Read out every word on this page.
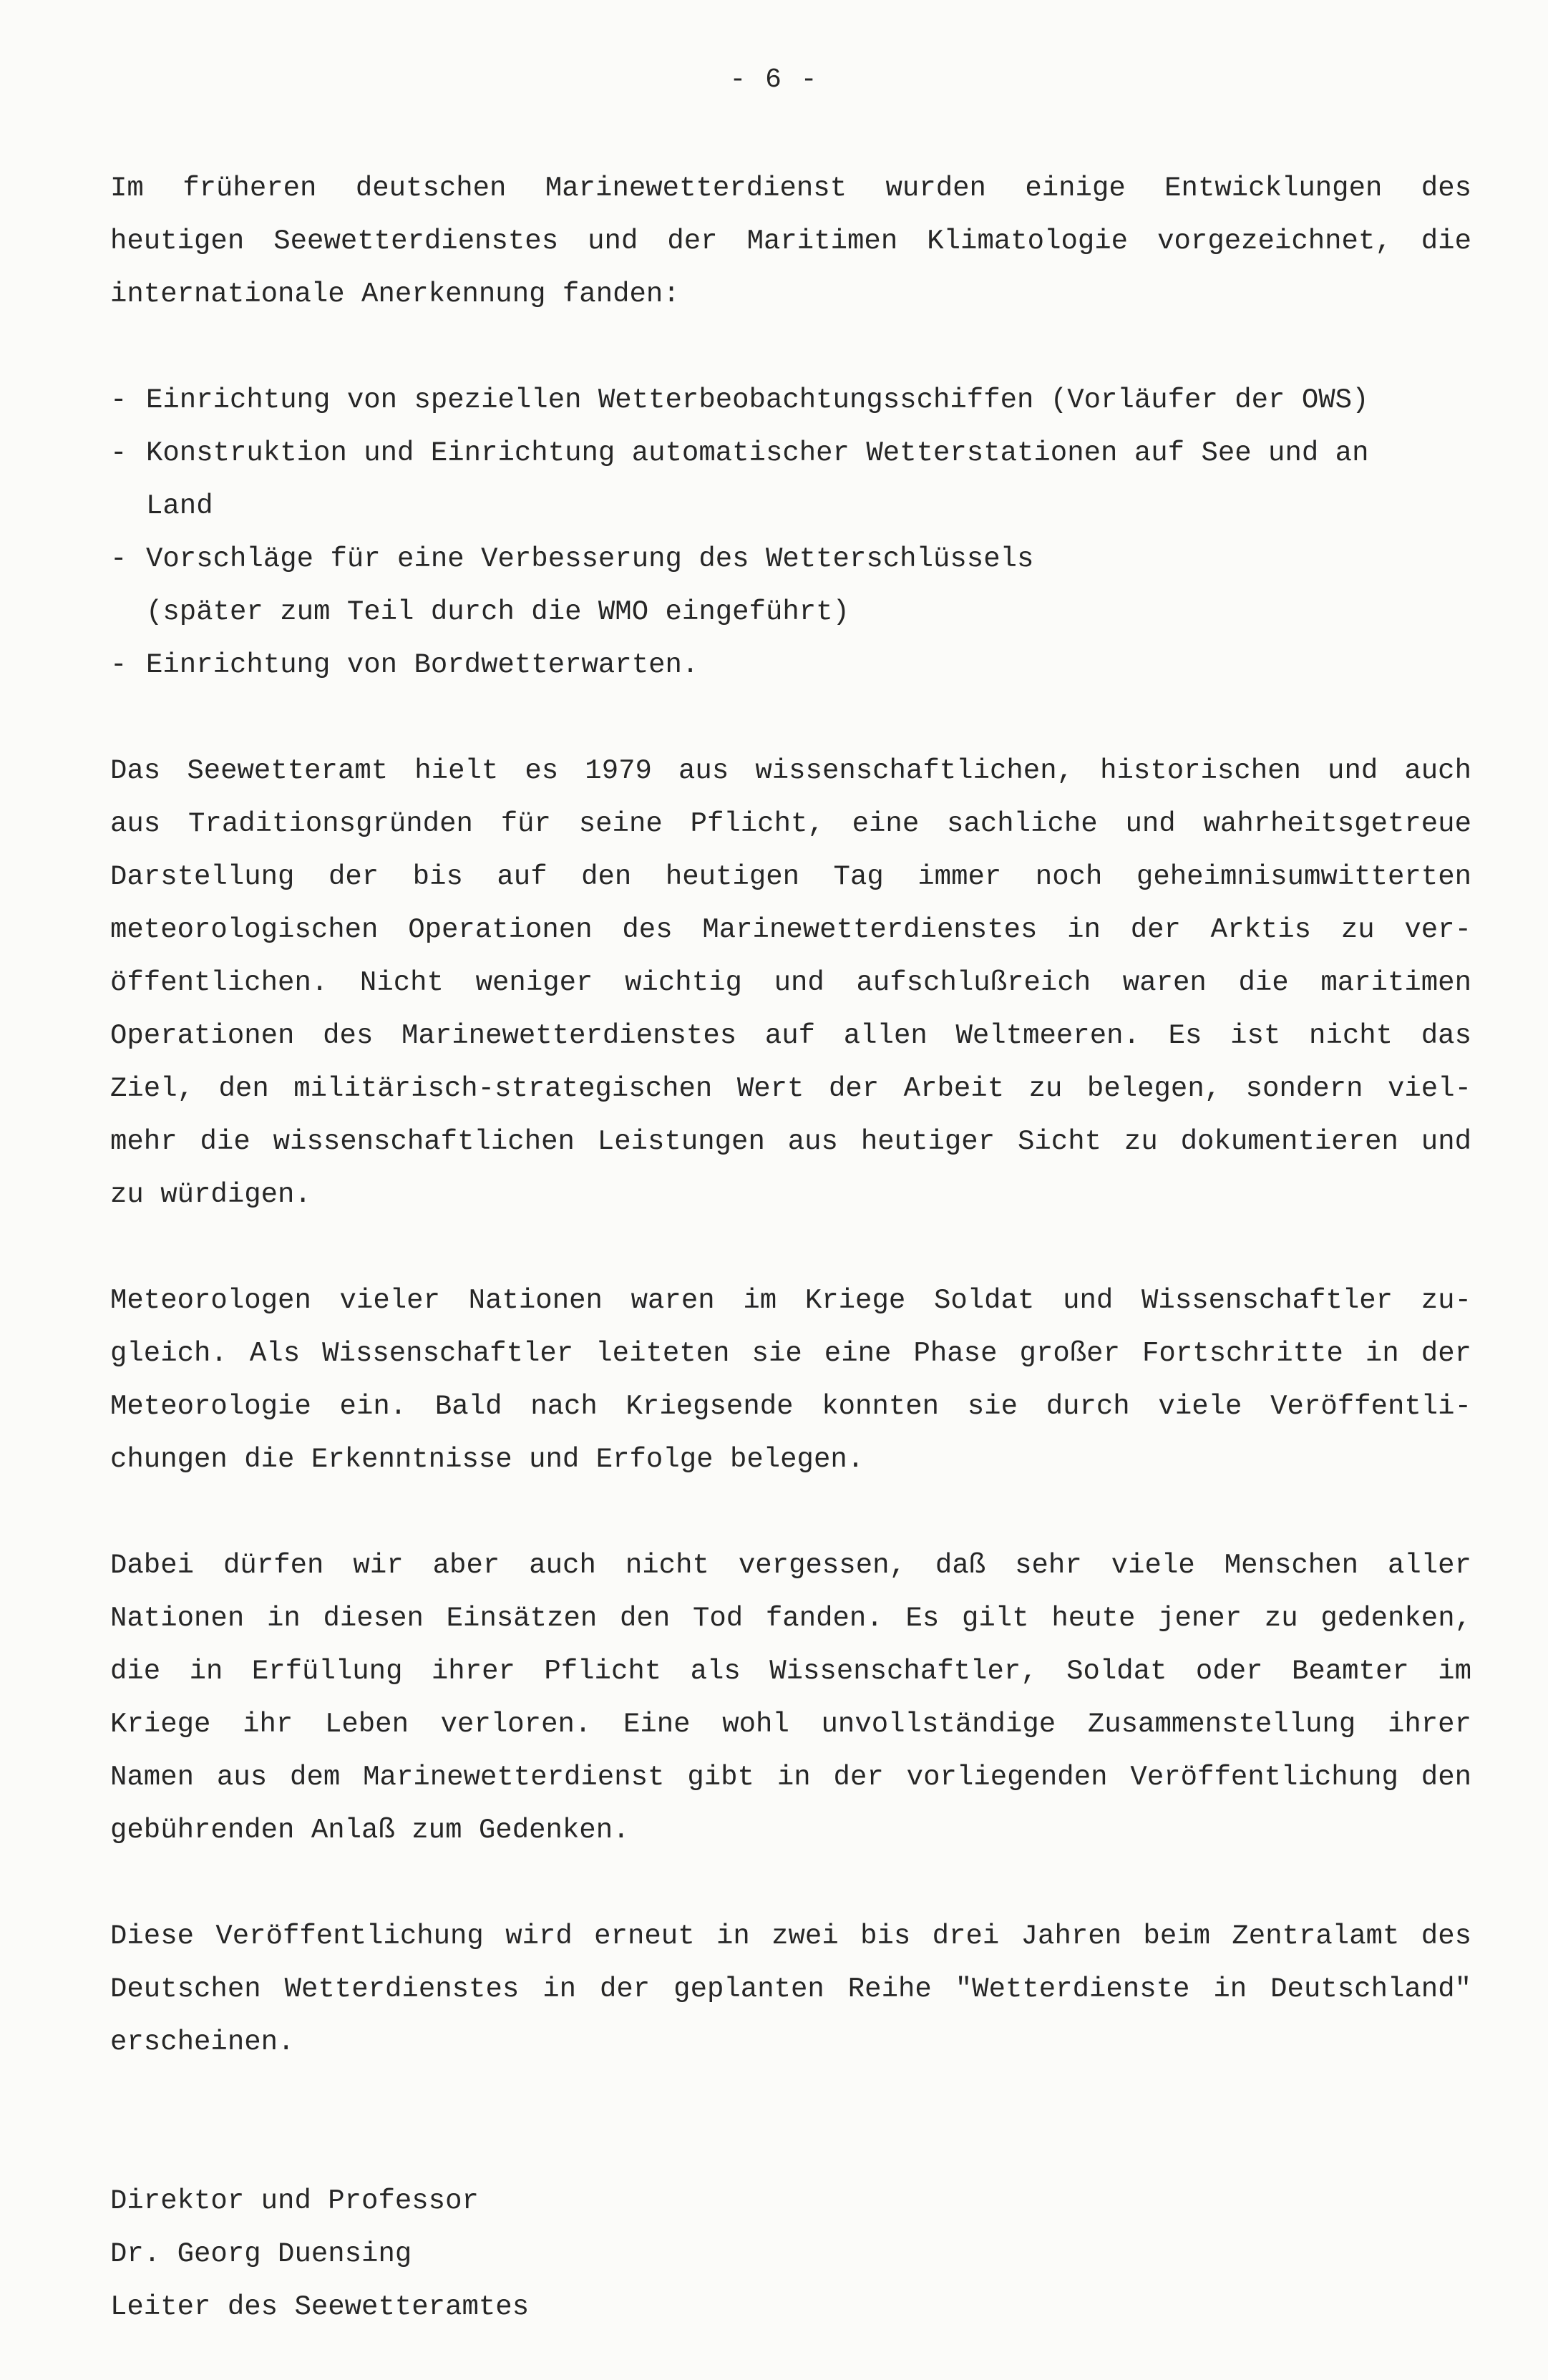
- 6 -
Im früheren deutschen Marinewetterdienst wurden einige Entwicklungen des
heutigen Seewetterdienstes und der Maritimen Klimatologie vorgezeichnet, die
internationale Anerkennung fanden:
- Einrichtung von speziellen Wetterbeobachtungsschiffen (Vorläufer der OWS)
- Konstruktion und Einrichtung automatischer Wetterstationen auf See und an
Land
- Vorschläge für eine Verbesserung des Wetterschlüssels
(später zum Teil durch die WMO eingeführt)
- Einrichtung von Bordwetterwarten.
Das Seewetteramt hielt es 1979 aus wissenschaftlichen, historischen und auch
aus Traditionsgründen für seine Pflicht, eine sachliche und wahrheitsgetreue
Darstellung der bis auf den heutigen Tag immer noch geheimnisumwitterten
meteorologischen Operationen des Marinewetterdienstes in der Arktis zu ver-
öffentlichen. Nicht weniger wichtig und aufschlußreich waren die maritimen
Operationen des Marinewetterdienstes auf allen Weltmeeren. Es ist nicht das
Ziel, den militärisch-strategischen Wert der Arbeit zu belegen, sondern viel-
mehr die wissenschaftlichen Leistungen aus heutiger Sicht zu dokumentieren und
zu würdigen.
Meteorologen vieler Nationen waren im Kriege Soldat und Wissenschaftler zu-
gleich. Als Wissenschaftler leiteten sie eine Phase großer Fortschritte in der
Meteorologie ein. Bald nach Kriegsende konnten sie durch viele Veröffentli-
chungen die Erkenntnisse und Erfolge belegen.
Dabei dürfen wir aber auch nicht vergessen, daß sehr viele Menschen aller
Nationen in diesen Einsätzen den Tod fanden. Es gilt heute jener zu gedenken,
die in Erfüllung ihrer Pflicht als Wissenschaftler, Soldat oder Beamter im
Kriege ihr Leben verloren. Eine wohl unvollständige Zusammenstellung ihrer
Namen aus dem Marinewetterdienst gibt in der vorliegenden Veröffentlichung den
gebührenden Anlaß zum Gedenken.
Diese Veröffentlichung wird erneut in zwei bis drei Jahren beim Zentralamt des
Deutschen Wetterdienstes in der geplanten Reihe "Wetterdienste in Deutschland"
erscheinen.
Direktor und Professor
Dr. Georg Duensing
Leiter des Seewetteramtes
